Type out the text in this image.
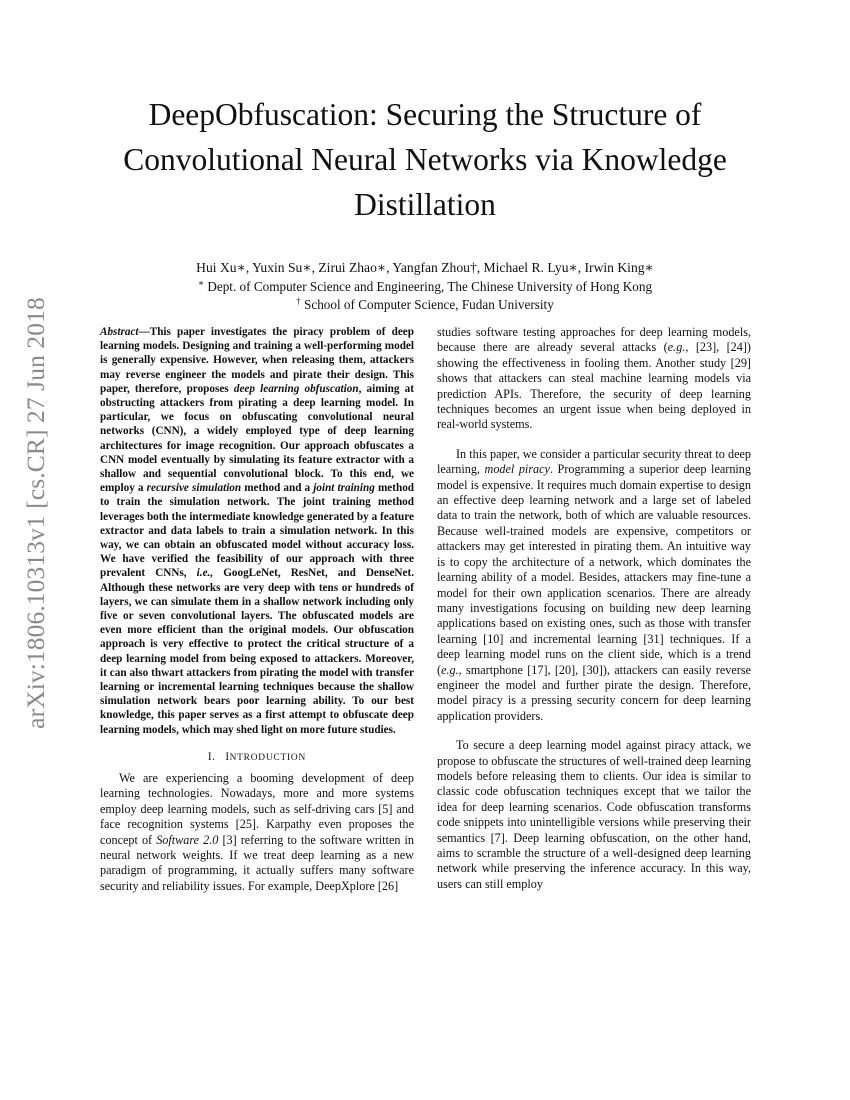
arXiv:1806.10313v1 [cs.CR] 27 Jun 2018
DeepObfuscation: Securing the Structure of Convolutional Neural Networks via Knowledge Distillation
Hui Xu∗, Yuxin Su∗, Zirui Zhao∗, Yangfan Zhou†, Michael R. Lyu∗, Irwin King∗
∗ Dept. of Computer Science and Engineering, The Chinese University of Hong Kong
† School of Computer Science, Fudan University

Abstract—This paper investigates the piracy problem of deep learning models. Designing and training a well-performing model is generally expensive. However, when releasing them, attackers may reverse engineer the models and pirate their design. This paper, therefore, proposes deep learning obfuscation, aiming at obstructing attackers from pirating a deep learning model. In particular, we focus on obfuscating convolutional neural networks (CNN), a widely employed type of deep learning architectures for image recognition. Our approach obfuscates a CNN model eventually by simulating its feature extractor with a shallow and sequential convolutional block. To this end, we employ a recursive simulation method and a joint training method to train the simulation network. The joint training method leverages both the intermediate knowledge generated by a feature extractor and data labels to train a simulation network. In this way, we can obtain an obfuscated model without accuracy loss. We have verified the feasibility of our approach with three prevalent CNNs, i.e., GoogLeNet, ResNet, and DenseNet. Although these networks are very deep with tens or hundreds of layers, we can simulate them in a shallow network including only five or seven convolutional layers. The obfuscated models are even more efficient than the original models. Our obfuscation approach is very effective to protect the critical structure of a deep learning model from being exposed to attackers. Moreover, it can also thwart attackers from pirating the model with transfer learning or incremental learning techniques because the shallow simulation network bears poor learning ability. To our best knowledge, this paper serves as a first attempt to obfuscate deep learning models, which may shed light on more future studies.

I. INTRODUCTION

We are experiencing a booming development of deep learning technologies. Nowadays, more and more systems employ deep learning models, such as self-driving cars [5] and face recognition systems [25]. Karpathy even proposes the concept of Software 2.0 [3] referring to the software written in neural network weights. If we treat deep learning as a new paradigm of programming, it actually suffers many software security and reliability issues. For example, DeepXplore [26]

studies software testing approaches for deep learning models, because there are already several attacks (e.g., [23], [24]) showing the effectiveness in fooling them. Another study [29] shows that attackers can steal machine learning models via prediction APIs. Therefore, the security of deep learning techniques becomes an urgent issue when being deployed in real-world systems.

In this paper, we consider a particular security threat to deep learning, model piracy. Programming a superior deep learning model is expensive. It requires much domain expertise to design an effective deep learning network and a large set of labeled data to train the network, both of which are valuable resources. Because well-trained models are expensive, competitors or attackers may get interested in pirating them. An intuitive way is to copy the architecture of a network, which dominates the learning ability of a model. Besides, attackers may fine-tune a model for their own application scenarios. There are already many investigations focusing on building new deep learning applications based on existing ones, such as those with transfer learning [10] and incremental learning [31] techniques. If a deep learning model runs on the client side, which is a trend (e.g., smartphone [17], [20], [30]), attackers can easily reverse engineer the model and further pirate the design. Therefore, model piracy is a pressing security concern for deep learning application providers.

To secure a deep learning model against piracy attack, we propose to obfuscate the structures of well-trained deep learning models before releasing them to clients. Our idea is similar to classic code obfuscation techniques except that we tailor the idea for deep learning scenarios. Code obfuscation transforms code snippets into unintelligible versions while preserving their semantics [7]. Deep learning obfuscation, on the other hand, aims to scramble the structure of a well-designed deep learning network while preserving the inference accuracy. In this way, users can still employ
